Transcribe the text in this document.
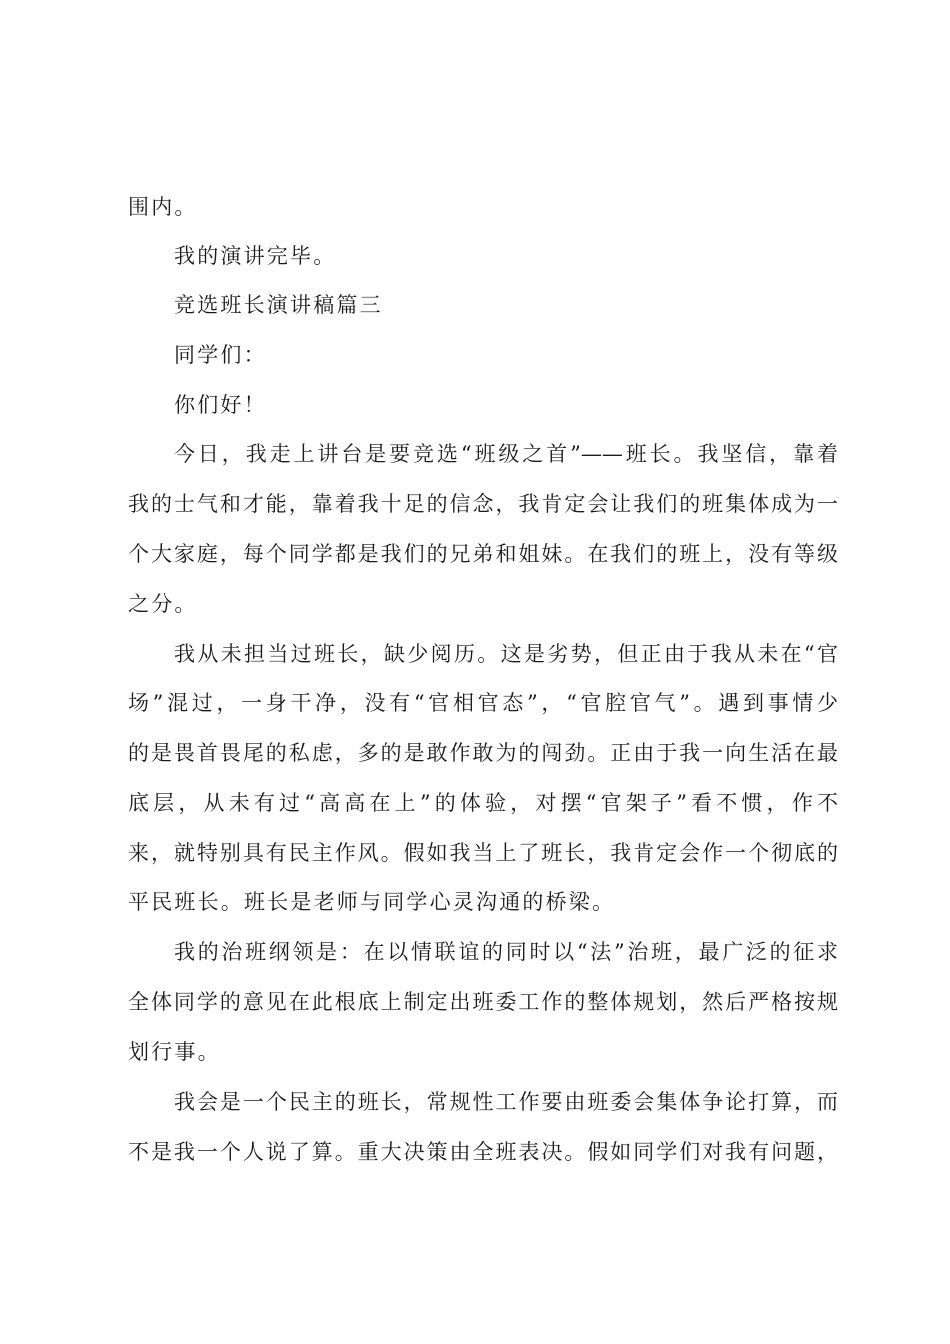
围内。
我的演讲完毕。
竞选班长演讲稿篇三
同学们：
你们好！
今日，我走上讲台是要竞选“班级之首”——班长。我坚信，靠着
我的士气和才能，靠着我十足的信念，我肯定会让我们的班集体成为一
个大家庭，每个同学都是我们的兄弟和姐妹。在我们的班上，没有等级
之分。
我从未担当过班长，缺少阅历。这是劣势，但正由于我从未在“官
场”混过，一身干净，没有“官相官态”，“官腔官气”。遇到事情少
的是畏首畏尾的私虑，多的是敢作敢为的闯劲。正由于我一向生活在最
底层，从未有过“高高在上”的体验，对摆“官架子”看不惯，作不
来，就特别具有民主作风。假如我当上了班长，我肯定会作一个彻底的
平民班长。班长是老师与同学心灵沟通的桥梁。
我的治班纲领是：在以情联谊的同时以“法”治班，最广泛的征求
全体同学的意见在此根底上制定出班委工作的整体规划，然后严格按规
划行事。
我会是一个民主的班长，常规性工作要由班委会集体争论打算，而
不是我一个人说了算。重大决策由全班表决。假如同学们对我有问题，
